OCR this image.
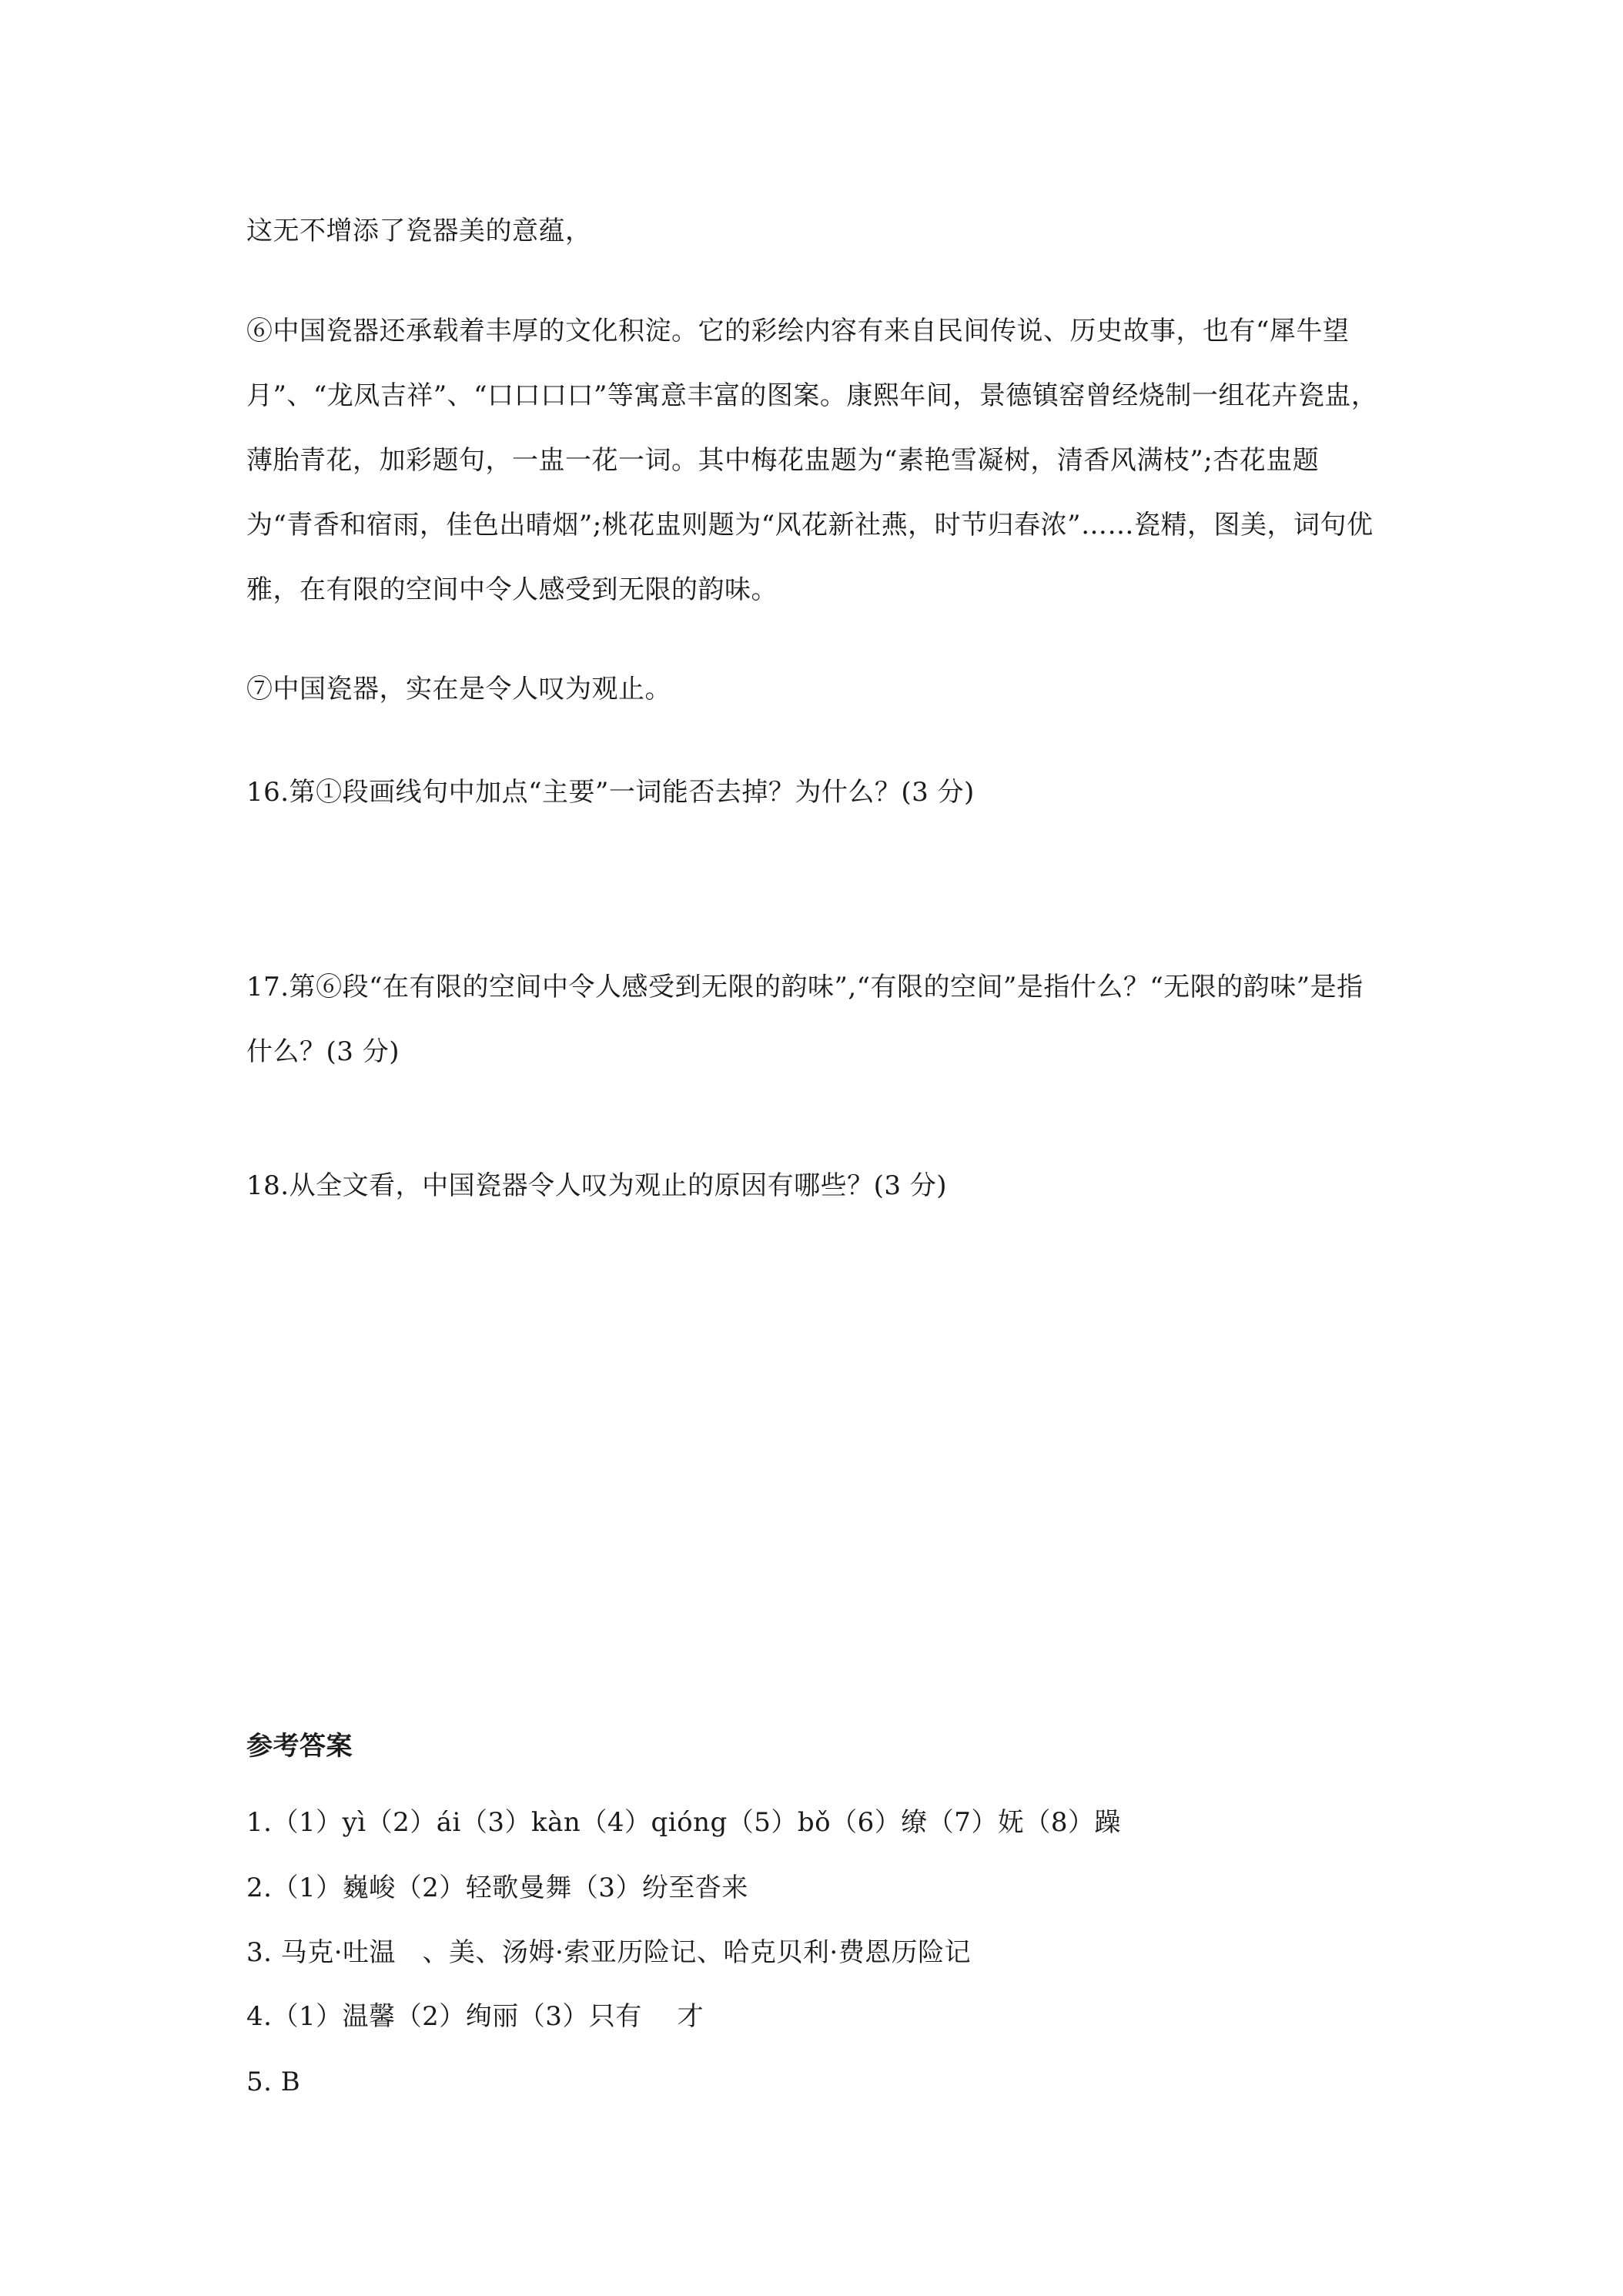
这无不增添了瓷器美的意蕴，
⑥中国瓷器还承载着丰厚的文化积淀。它的彩绘内容有来自民间传说、历史故事，也有“犀牛望月”、“龙凤吉祥”、“口口口口”等寓意丰富的图案。康熙年间，景德镇窑曾经烧制一组花卉瓷盅，薄胎青花，加彩题句，一盅一花一词。其中梅花盅题为“素艳雪凝树，清香风满枝”;杏花盅题为“青香和宿雨，佳色出晴烟”;桃花盅则题为“风花新社燕，时节归春浓”……瓷精，图美，词句优雅，在有限的空间中令人感受到无限的韵味。
⑦中国瓷器，实在是令人叹为观止。
16.第①段画线句中加点“主要”一词能否去掉？为什么？(3 分)
17.第⑥段“在有限的空间中令人感受到无限的韵味”,“有限的空间”是指什么？“无限的韵味”是指什么？(3 分)
18.从全文看，中国瓷器令人叹为观止的原因有哪些？(3 分)
参考答案
1.（1）yì（2）ái（3）kàn（4）qióng（5）bǒ（6）缭（7）妩（8）躁
2.（1）巍峻（2）轻歌曼舞（3）纷至沓来
3. 马克·吐温　、美、汤姆·索亚历险记、哈克贝利·费恩历险记
4.（1）温馨（2）绚丽（3）只有　 才
5. B
